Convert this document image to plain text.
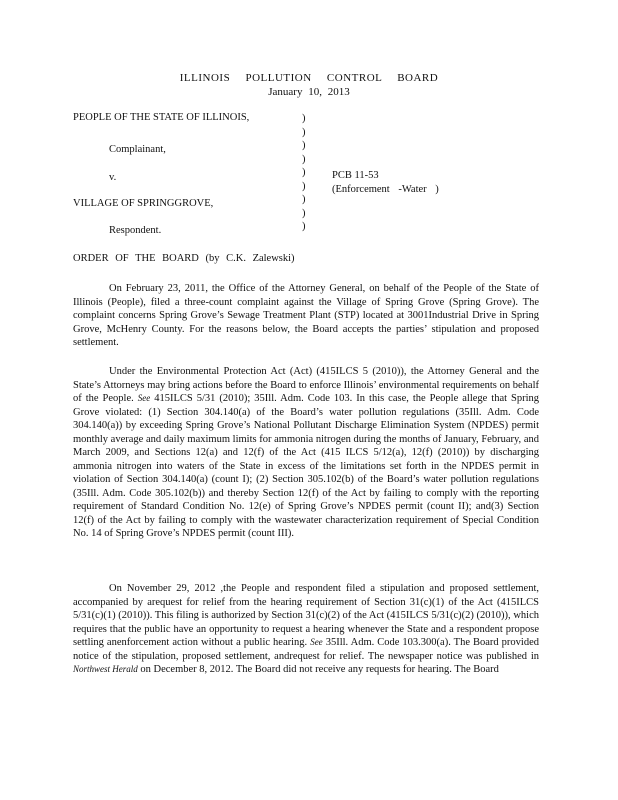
ILLINOIS POLLUTION CONTROL BOARD
January 10, 2013
PEOPLE OF THE STATE OF ILLINOIS,
Complainant,
v.
VILLAGE OF SPRINGGROVE,
Respondent.
)
)
)
)
)
)
)
)
)
PCB 11-53
(Enforcement -Water )
ORDER OF THE BOARD (by C.K. Zalewski)

On February 23, 2011, the Office of the Attorney General, on behalf of the People of the State of Illinois (People), filed a three-count complaint against the Village of Spring Grove (Spring Grove). The complaint concerns Spring Grove’s Sewage Treatment Plant (STP) located at 3001Industrial Drive in Spring Grove, McHenry County. For the reasons below, the Board accepts the parties’ stipulation and proposed settlement.

Under the Environmental Protection Act (Act) (415ILCS 5 (2010)), the Attorney General and the State’s Attorneys may bring actions before the Board to enforce Illinois’ environmental requirements on behalf of the People. See 415ILCS 5/31 (2010); 35Ill. Adm. Code 103. In this case, the People allege that Spring Grove violated: (1) Section 304.140(a) of the Board’s water pollution regulations (35Ill. Adm. Code 304.140(a)) by exceeding Spring Grove’s National Pollutant Discharge Elimination System (NPDES) permit monthly average and daily maximum limits for ammonia nitrogen during the months of January, February, and March 2009, and Sections 12(a) and 12(f) of the Act (415 ILCS 5/12(a), 12(f) (2010)) by discharging ammonia nitrogen into waters of the State in excess of the limitations set forth in the NPDES permit in violation of Section 304.140(a) (count I); (2) Section 305.102(b) of the Board’s water pollution regulations (35Ill. Adm. Code 305.102(b)) and thereby Section 12(f) of the Act by failing to comply with the reporting requirement of Standard Condition No. 12(e) of Spring Grove’s NPDES permit (count II); and(3) Section 12(f) of the Act by failing to comply with the wastewater characterization requirement of Special Condition No. 14 of Spring Grove’s NPDES permit (count III).

On November 29, 2012 ,the People and respondent filed a stipulation and proposed settlement, accompanied by arequest for relief from the hearing requirement of Section 31(c)(1) of the Act (415ILCS 5/31(c)(1) (2010)). This filing is authorized by Section 31(c)(2) of the Act (415ILCS 5/31(c)(2) (2010)), which requires that the public have an opportunity to request a hearing whenever the State and a respondent propose settling anenforcement action without a public hearing. See 35Ill. Adm. Code 103.300(a). The Board provided notice of the stipulation, proposed settlement, andrequest for relief. The newspaper notice was published in Northwest Herald on December 8, 2012. The Board did not receive any requests for hearing. The Board
